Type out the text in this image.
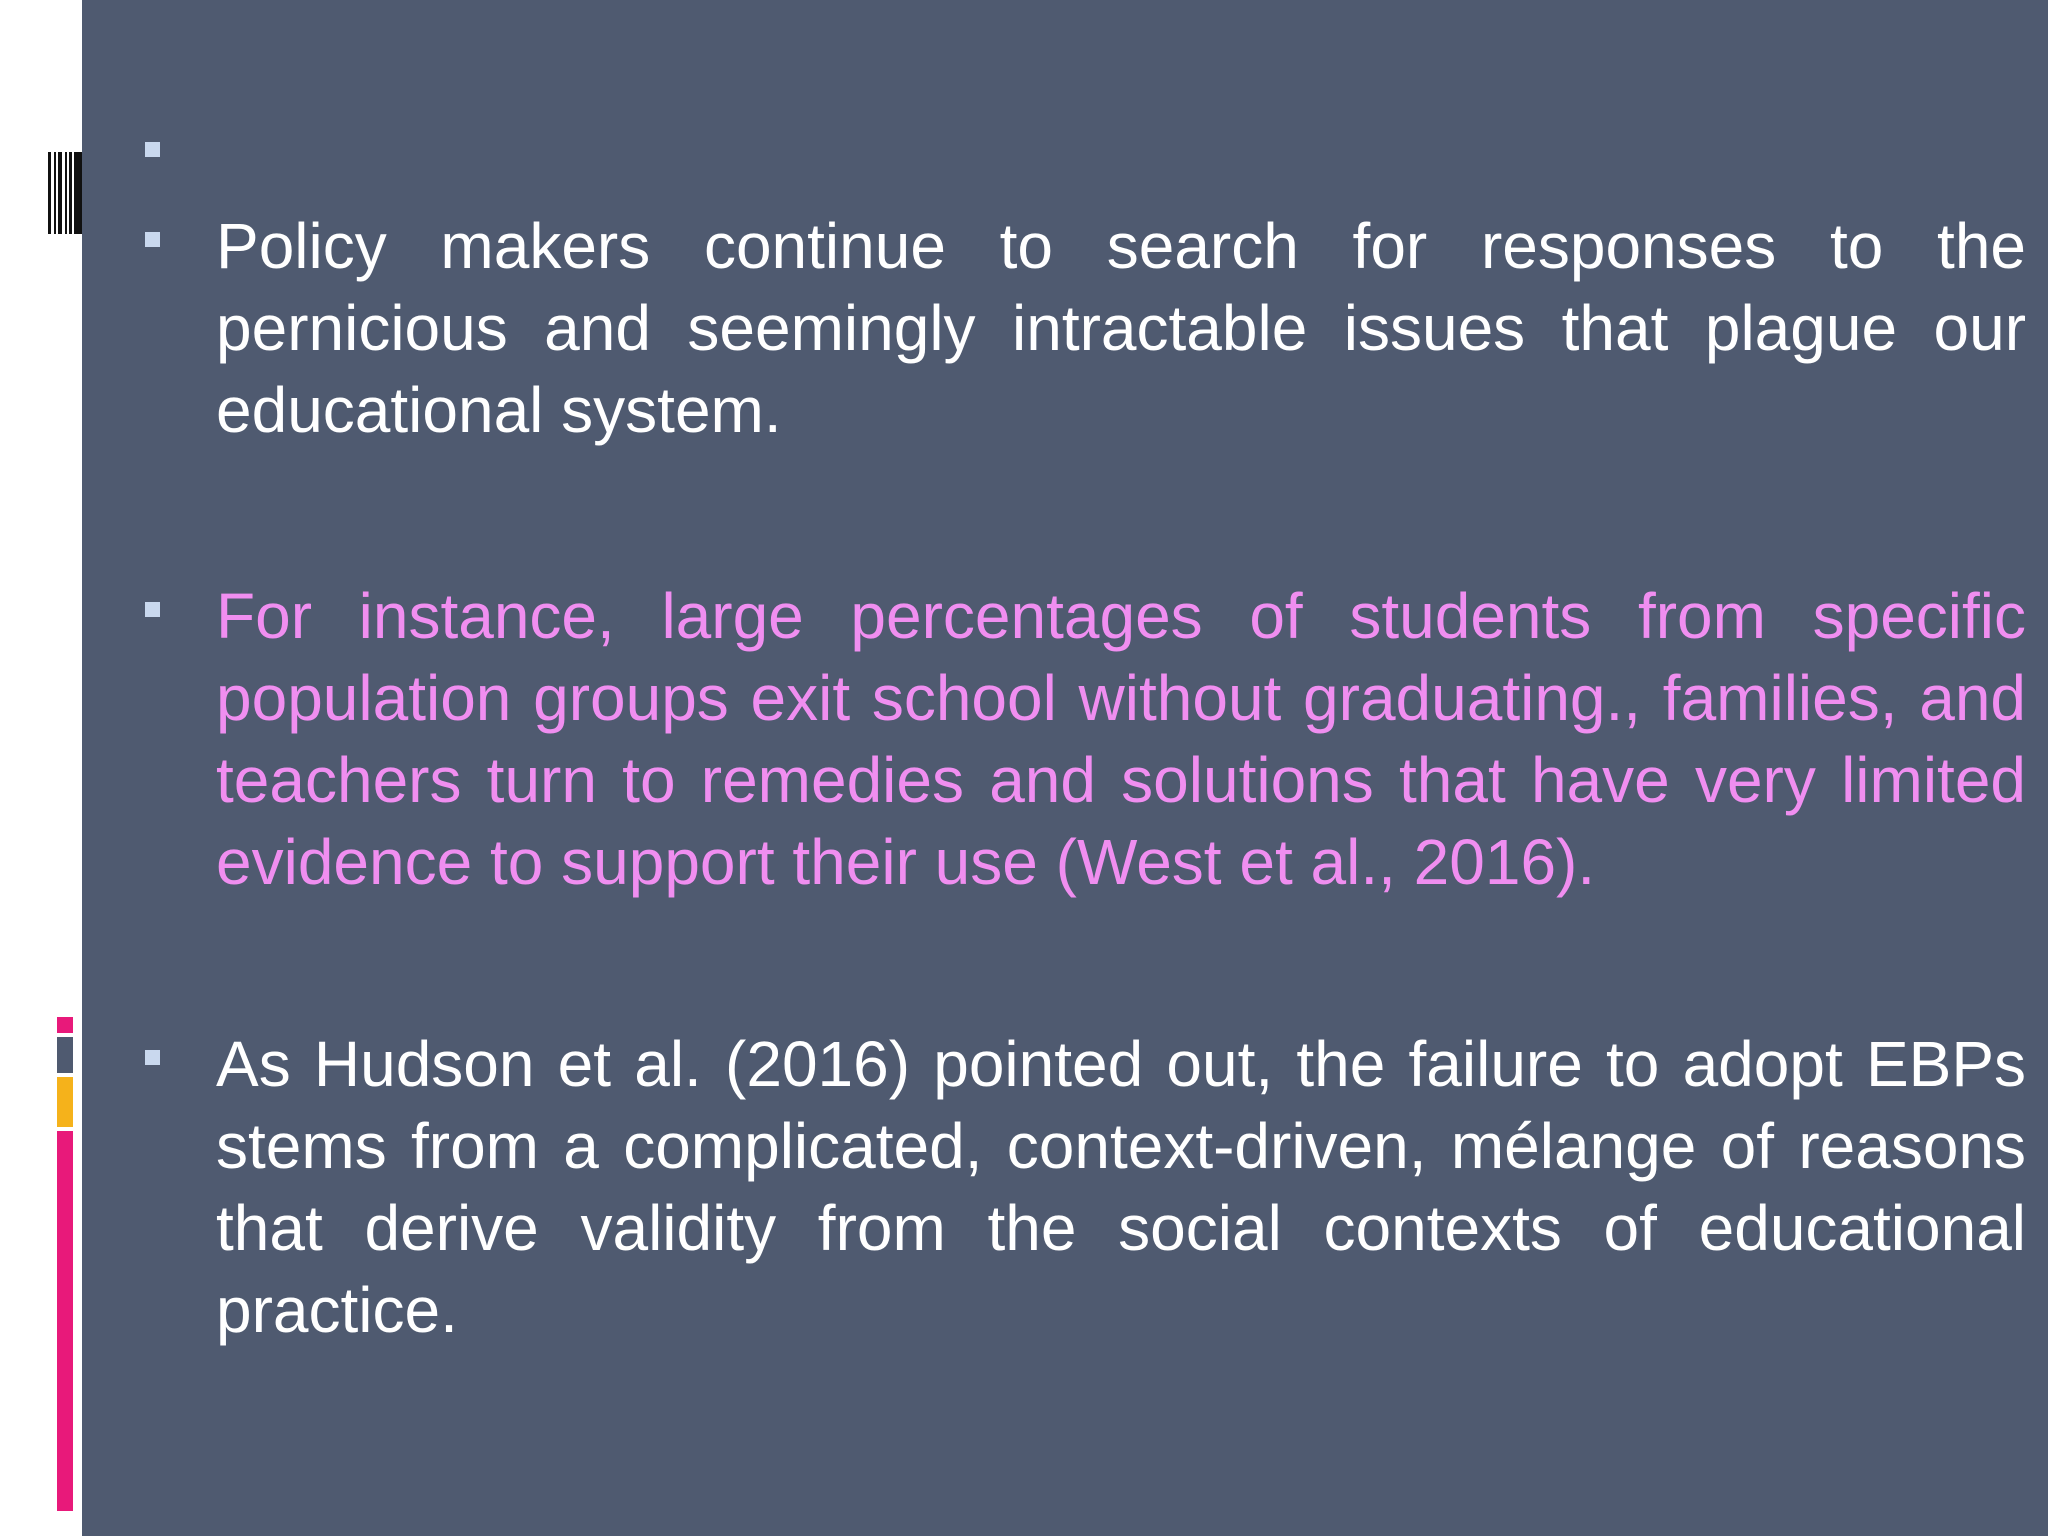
Policy makers continue to search for responses to the pernicious and seemingly intractable issues that plague our educational system.
For instance, large percentages of students from specific population groups exit school without graduating., families, and teachers turn to remedies and solutions that have very limited evidence to support their use (West et al., 2016).
As Hudson et al. (2016) pointed out, the failure to adopt EBPs stems from a complicated, context-driven, mélange of reasons that derive validity from the social contexts of educational practice.
